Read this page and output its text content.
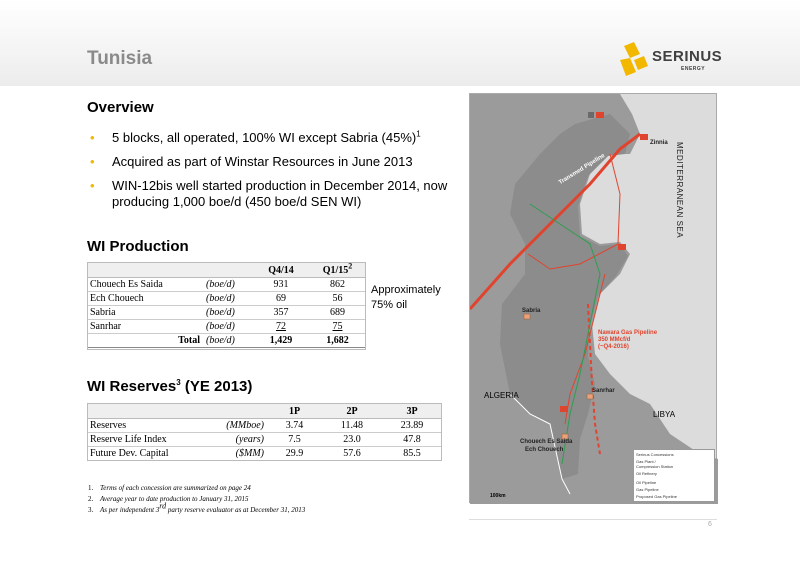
Tunisia	SERINUS
ENERGY
Overview
• 5 blocks, all operated, 100% WI except Sabria $(45\%)^1$
• Acquired as part of Winstar Resources in June 2013
• WIN-12bis well started production in December 2014, now producing 1,000 boe/d (450 boe/d SEN WI)
WI Production
		Q4/14	$Q1/15^2$
Chouech Es Saida	(boe/d)	931	862
Ech Chouech	(boe/d)	69	56
Sabria	(boe/d)	357	689
Sanrhar	(boe/d)	72	75
Total	(boe/d)	1,429	1,682
Approximately
75% oil
WI Reserves$^3$ (YE 2013)
		1P	2P	3P
Reserves	(MMboe)	3.74	11.48	23.89
Reserve Life Index	(years)	7.5	23.0	47.8
Future Dev. Capital	($MM)	29.9	57.6	85.5
1. Terms of each concession are summarized on page 24
2. Average year to date production to January 31, 2015
3. As per independent 3rd party reserve evaluator as at December 31, 2013
6
MEDITERRANEAN SEA
Zinnia
Transmed Pipeline
Sabria
Nawara Gas Pipeline
350 MMcf/d
(~Q4-2016)
ALGERIA
LIBYA
Sanrhar
Chouech Es Saida
Ech Chouech
Serinus Concessions
Gas Plant /
Compression Station
Oil Refinery
Oil Pipeline
Gas Pipeline
Proposed Gas Pipeline
100km
